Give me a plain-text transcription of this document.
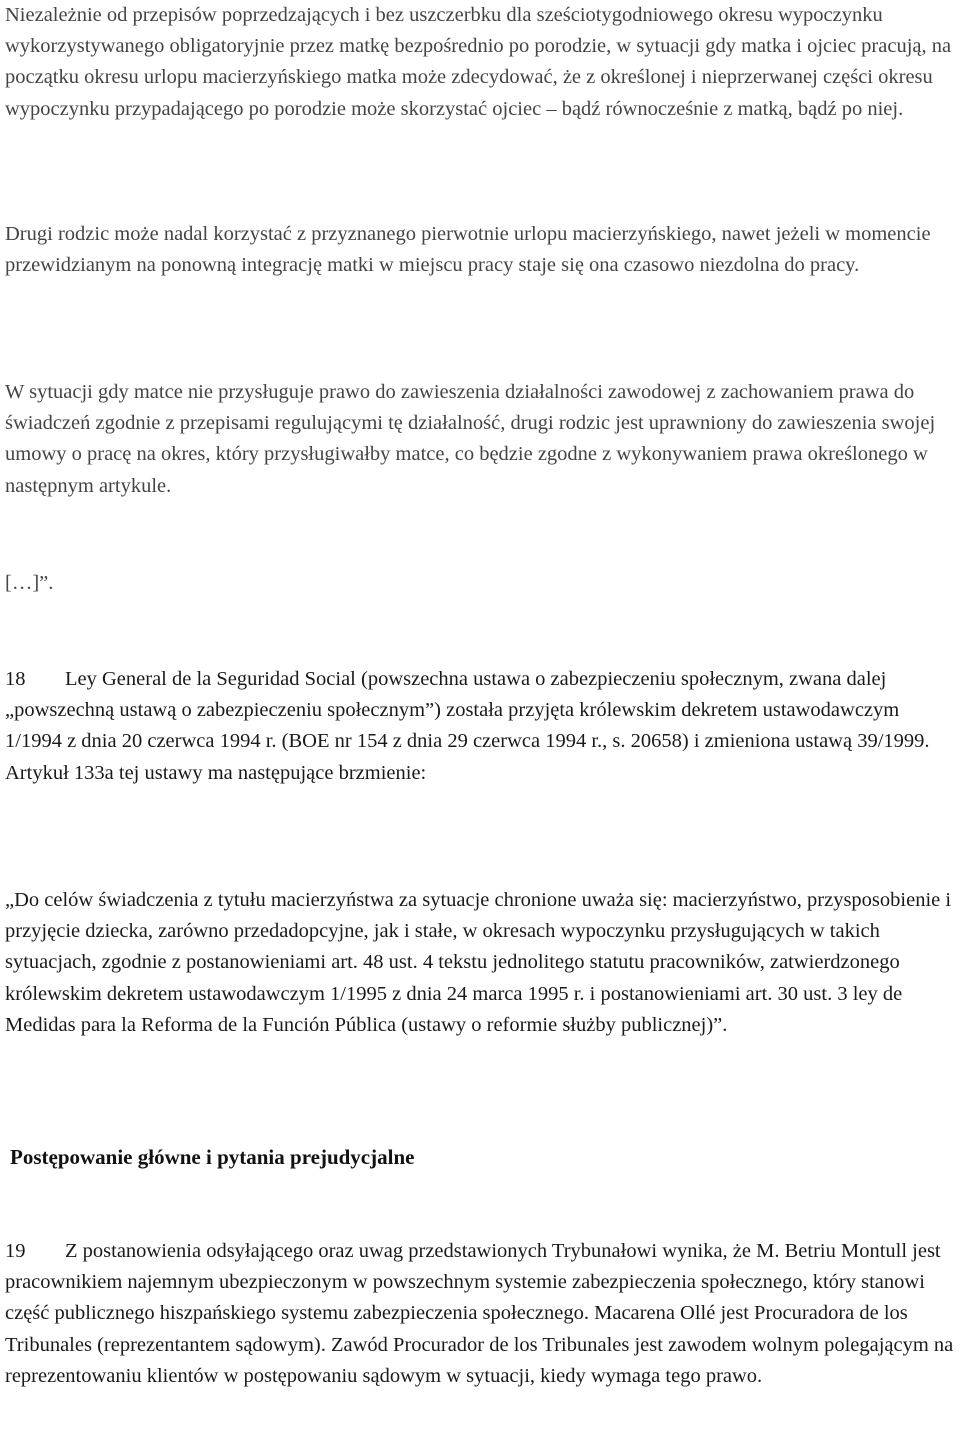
Niezależnie od przepisów poprzedzających i bez uszczerbku dla sześciotygodniowego okresu wypoczynku wykorzystywanego obligatoryjnie przez matkę bezpośrednio po porodzie, w sytuacji gdy matka i ojciec pracują, na początku okresu urlopu macierzyńskiego matka może zdecydować, że z określonej i nieprzerwanej części okresu wypoczynku przypadającego po porodzie może skorzystać ojciec – bądź równocześnie z matką, bądź po niej.

Drugi rodzic może nadal korzystać z przyznanego pierwotnie urlopu macierzyńskiego, nawet jeżeli w momencie przewidzianym na ponowną integrację matki w miejscu pracy staje się ona czasowo niezdolna do pracy.

W sytuacji gdy matce nie przysługuje prawo do zawieszenia działalności zawodowej z zachowaniem prawa do świadczeń zgodnie z przepisami regulującymi tę działalność, drugi rodzic jest uprawniony do zawieszenia swojej umowy o pracę na okres, który przysługiwałby matce, co będzie zgodne z wykonywaniem prawa określonego w następnym artykule.

[…]”.

18 Ley General de la Seguridad Social (powszechna ustawa o zabezpieczeniu społecznym, zwana dalej „powszechną ustawą o zabezpieczeniu społecznym”) została przyjęta królewskim dekretem ustawodawczym 1/1994 z dnia 20 czerwca 1994 r. (BOE nr 154 z dnia 29 czerwca 1994 r., s. 20658) i zmieniona ustawą 39/1999. Artykuł 133a tej ustawy ma następujące brzmienie:

„Do celów świadczenia z tytułu macierzyństwa za sytuacje chronione uważa się: macierzyństwo, przysposobienie i przyjęcie dziecka, zarówno przedadopcyjne, jak i stałe, w okresach wypoczynku przysługujących w takich sytuacjach, zgodnie z postanowieniami art. 48 ust. 4 tekstu jednolitego statutu pracowników, zatwierdzonego królewskim dekretem ustawodawczym 1/1995 z dnia 24 marca 1995 r. i postanowieniami art. 30 ust. 3 ley de Medidas para la Reforma de la Función Pública (ustawy o reformie służby publicznej)”.

Postępowanie główne i pytania prejudycjalne

19 Z postanowienia odsyłającego oraz uwag przedstawionych Trybunałowi wynika, że M. Betriu Montull jest pracownikiem najemnym ubezpieczonym w powszechnym systemie zabezpieczenia społecznego, który stanowi część publicznego hiszpańskiego systemu zabezpieczenia społecznego. Macarena Ollé jest Procuradora de los Tribunales (reprezentantem sądowym). Zawód Procurador de los Tribunales jest zawodem wolnym polegającym na reprezentowaniu klientów w postępowaniu sądowym w sytuacji, kiedy wymaga tego prawo.
